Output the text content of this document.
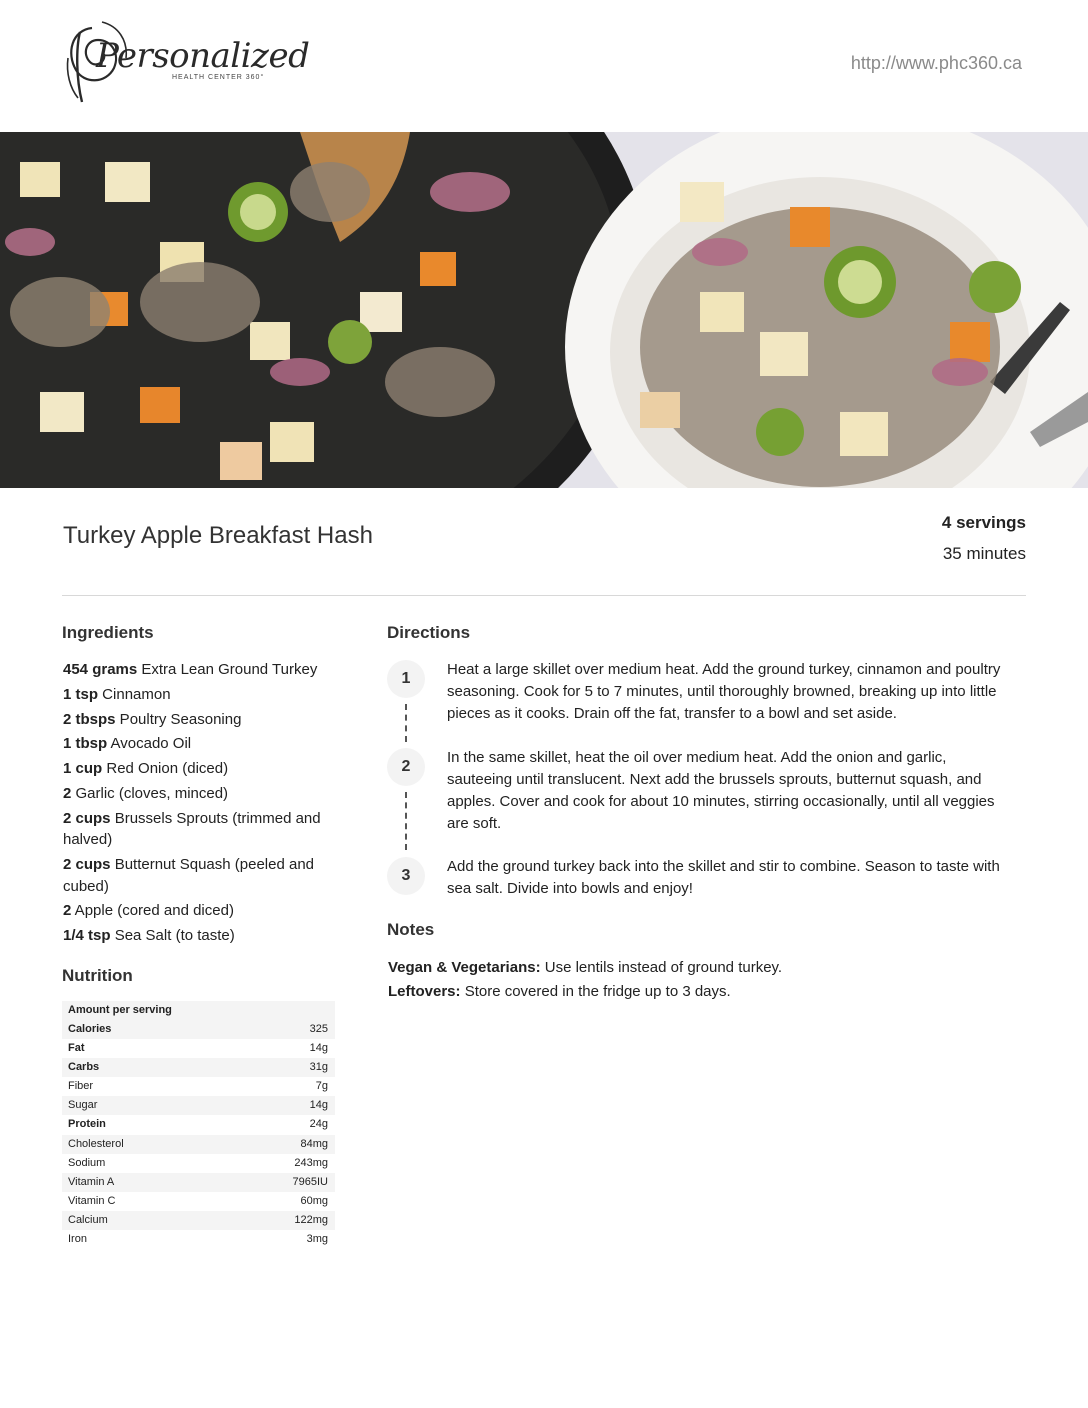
Personalized
HEALTH CENTER 360°
http://www.phc360.ca
Turkey Apple Breakfast Hash	4 servings
35 minutes
Ingredients
454 grams Extra Lean Ground Turkey
1 tsp Cinnamon
2 tbsps Poultry Seasoning
1 tbsp Avocado Oil
1 cup Red Onion (diced)
2 Garlic (cloves, minced)
2 cups Brussels Sprouts (trimmed and halved)
2 cups Butternut Squash (peeled and cubed)
2 Apple (cored and diced)
1/4 tsp Sea Salt (to taste)
Nutrition
Amount per serving
Calories	325
Fat	14g
Carbs	31g
Fiber	7g
Sugar	14g
Protein	24g
Cholesterol	84mg
Sodium	243mg
Vitamin A	7965IU
Vitamin C	60mg
Calcium	122mg
Iron	3mg
Directions
1
Heat a large skillet over medium heat. Add the ground turkey, cinnamon and poultry seasoning. Cook for 5 to 7 minutes, until thoroughly browned, breaking up into little pieces as it cooks. Drain off the fat, transfer to a bowl and set aside.
2
In the same skillet, heat the oil over medium heat. Add the onion and garlic, sauteeing until translucent. Next add the brussels sprouts, butternut squash, and apples. Cover and cook for about 10 minutes, stirring occasionally, until all veggies are soft.
3
Add the ground turkey back into the skillet and stir to combine. Season to taste with sea salt. Divide into bowls and enjoy!
Notes
Vegan & Vegetarians: Use lentils instead of ground turkey.
Leftovers: Store covered in the fridge up to 3 days.
